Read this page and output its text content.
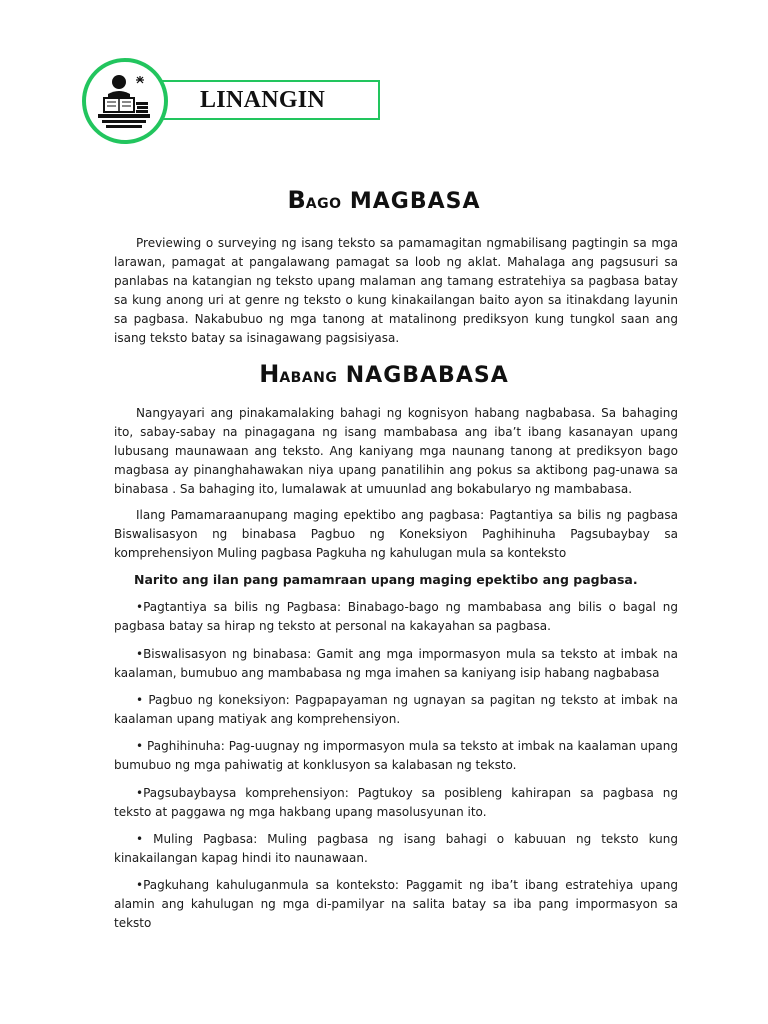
LINANGIN
BAGO MAGBASA

Previewing o surveying ng isang teksto sa pamamagitan ngmabilisang pagtingin sa mga larawan, pamagat at pangalawang pamagat sa loob ng aklat. Mahalaga ang pagsusuri sa panlabas na katangian ng teksto upang malaman ang tamang estratehiya sa pagbasa batay sa kung anong uri at genre ng teksto o kung kinakailangan baito ayon sa itinakdang layunin sa pagbasa. Nakabubuo ng mga tanong at matalinong prediksyon kung tungkol saan ang isang teksto batay sa isinagawang pagsisiyasa.

HABANG NAGBABASA

Nangyayari ang pinakamalaking bahagi ng kognisyon habang nagbabasa. Sa bahaging ito, sabay-sabay na pinagagana ng isang mambabasa ang iba’t ibang kasanayan upang lubusang maunawaan ang teksto. Ang kaniyang mga naunang tanong at prediksyon bago magbasa ay pinanghahawakan niya upang panatilihin ang pokus sa aktibong pag-unawa sa binabasa . Sa bahaging ito, lumalawak at umuunlad ang bokabularyo ng mambabasa.

Ilang Pamamaraanupang maging epektibo ang pagbasa: Pagtantiya sa bilis ng pagbasa Biswalisasyon ng binabasa Pagbuo ng Koneksiyon Paghihinuha Pagsubaybay sa komprehensiyon Muling pagbasa Pagkuha ng kahulugan mula sa konteksto

Narito ang ilan pang pamamraan upang maging epektibo ang pagbasa.

•Pagtantiya sa bilis ng Pagbasa: Binabago-bago ng mambabasa ang bilis o bagal ng pagbasa batay sa hirap ng teksto at personal na kakayahan sa pagbasa.

•Biswalisasyon ng binabasa: Gamit ang mga impormasyon mula sa teksto at imbak na kaalaman, bumubuo ang mambabasa ng mga imahen sa kaniyang isip habang nagbabasa

• Pagbuo ng koneksiyon: Pagpapayaman ng ugnayan sa pagitan ng teksto at imbak na kaalaman upang matiyak ang komprehensiyon.

• Paghihinuha: Pag-uugnay ng impormasyon mula sa teksto at imbak na kaalaman upang bumubuo ng mga pahiwatig at konklusyon sa kalabasan ng teksto.

•Pagsubaybaysa komprehensiyon: Pagtukoy sa posibleng kahirapan sa pagbasa ng teksto at paggawa ng mga hakbang upang masolusyunan ito.

• Muling Pagbasa: Muling pagbasa ng isang bahagi o kabuuan ng teksto kung kinakailangan kapag hindi ito naunawaan.

•Pagkuhang kahuluganmula sa konteksto: Paggamit ng iba’t ibang estratehiya upang alamin ang kahulugan ng mga di-pamilyar na salita batay sa iba pang impormasyon sa teksto
